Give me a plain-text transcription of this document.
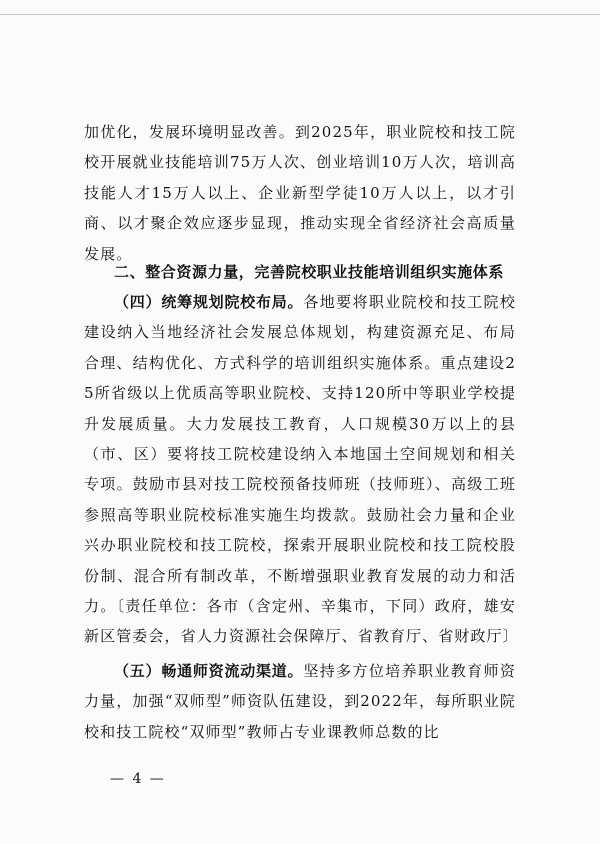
加优化，发展环境明显改善。到2025年，职业院校和技工院校开展就业技能培训75万人次、创业培训10万人次，培训高技能人才15万人以上、企业新型学徒10万人以上，以才引商、以才聚企效应逐步显现，推动实现全省经济社会高质量发展。

二、整合资源力量，完善院校职业技能培训组织实施体系

（四）统筹规划院校布局。各地要将职业院校和技工院校建设纳入当地经济社会发展总体规划，构建资源充足、布局合理、结构优化、方式科学的培训组织实施体系。重点建设25所省级以上优质高等职业院校、支持120所中等职业学校提升发展质量。大力发展技工教育，人口规模30万以上的县（市、区）要将技工院校建设纳入本地国土空间规划和相关专项。鼓励市县对技工院校预备技师班（技师班）、高级工班参照高等职业院校标准实施生均拨款。鼓励社会力量和企业兴办职业院校和技工院校，探索开展职业院校和技工院校股份制、混合所有制改革，不断增强职业教育发展的动力和活力。〔责任单位：各市（含定州、辛集市，下同）政府，雄安新区管委会，省人力资源社会保障厅、省教育厅、省财政厅〕

（五）畅通师资流动渠道。坚持多方位培养职业教育师资力量，加强“双师型”师资队伍建设，到2022年，每所职业院校和技工院校“双师型”教师占专业课教师总数的比

— 4 —
